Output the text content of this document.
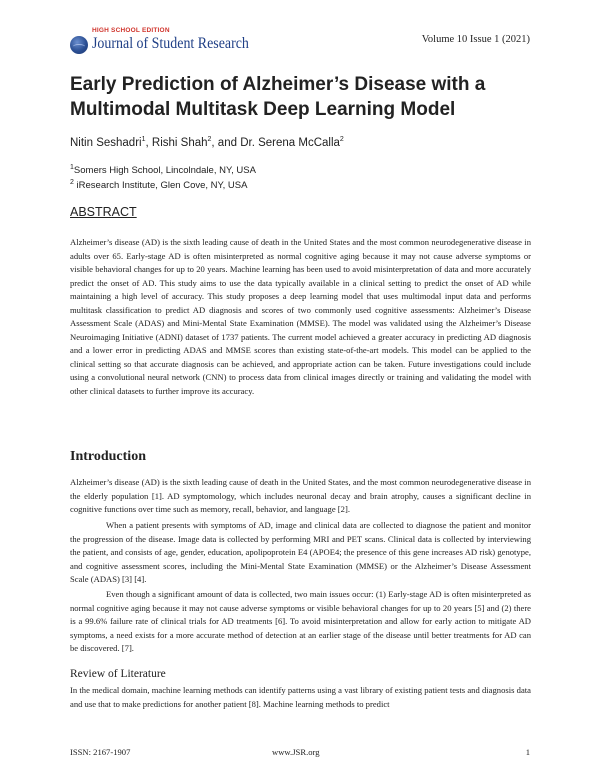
HIGH SCHOOL EDITION
Journal of Student Research	Volume 10 Issue 1 (2021)
Early Prediction of Alzheimer’s Disease with a Multimodal Multitask Deep Learning Model
Nitin Seshadri$^1$, Rishi Shah$^2$, and Dr. Serena McCalla$^2$
$^1$Somers High School, Lincolndale, NY, USA
$^2$ iResearch Institute, Glen Cove, NY, USA
ABSTRACT

Alzheimer’s disease (AD) is the sixth leading cause of death in the United States and the most common neurodegenerative disease in adults over 65. Early-stage AD is often misinterpreted as normal cognitive aging because it may not cause adverse symptoms or visible behavioral changes for up to 20 years. Machine learning has been used to avoid misinterpretation of data and more accurately predict the onset of AD. This study aims to use the data typically available in a clinical setting to predict the onset of AD while maintaining a high level of accuracy. This study proposes a deep learning model that uses multimodal input data and performs multitask classification to predict AD diagnosis and scores of two commonly used cognitive assessments: Alzheimer’s Disease Assessment Scale (ADAS) and Mini-Mental State Examination (MMSE). The model was validated using the Alzheimer’s Disease Neuroimaging Initiative (ADNI) dataset of 1737 patients. The current model achieved a greater accuracy in predicting AD diagnosis and a lower error in predicting ADAS and MMSE scores than existing state-of-the-art models. This model can be applied to the clinical setting so that accurate diagnosis can be achieved, and appropriate action can be taken. Future investigations could include using a convolutional neural network (CNN) to process data from clinical images directly or training and validating the model with other clinical datasets to further improve its accuracy.

Introduction

Alzheimer’s disease (AD) is the sixth leading cause of death in the United States, and the most common neurodegenerative disease in the elderly population [1]. AD symptomology, which includes neuronal decay and brain atrophy, causes a significant decline in cognitive functions over time such as memory, recall, behavior, and language [2].

When a patient presents with symptoms of AD, image and clinical data are collected to diagnose the patient and monitor the progression of the disease. Image data is collected by performing MRI and PET scans. Clinical data is collected by interviewing the patient, and consists of age, gender, education, apolipoprotein E4 (APOE4; the presence of this gene increases AD risk) genotype, and cognitive assessment scores, including the Mini-Mental State Examination (MMSE) or the Alzheimer’s Disease Assessment Scale (ADAS) [3] [4].

Even though a significant amount of data is collected, two main issues occur: (1) Early-stage AD is often misinterpreted as normal cognitive aging because it may not cause adverse symptoms or visible behavioral changes for up to 20 years [5] and (2) there is a 99.6% failure rate of clinical trials for AD treatments [6]. To avoid misinterpretation and allow for early action to mitigate AD symptoms, a need exists for a more accurate method of detection at an earlier stage of the disease until better treatments for AD can be discovered. [7].

Review of Literature

In the medical domain, machine learning methods can identify patterns using a vast library of existing patient tests and diagnosis data and use that to make predictions for another patient [8]. Machine learning methods to predict

ISSN: 2167-1907	www.JSR.org	1
